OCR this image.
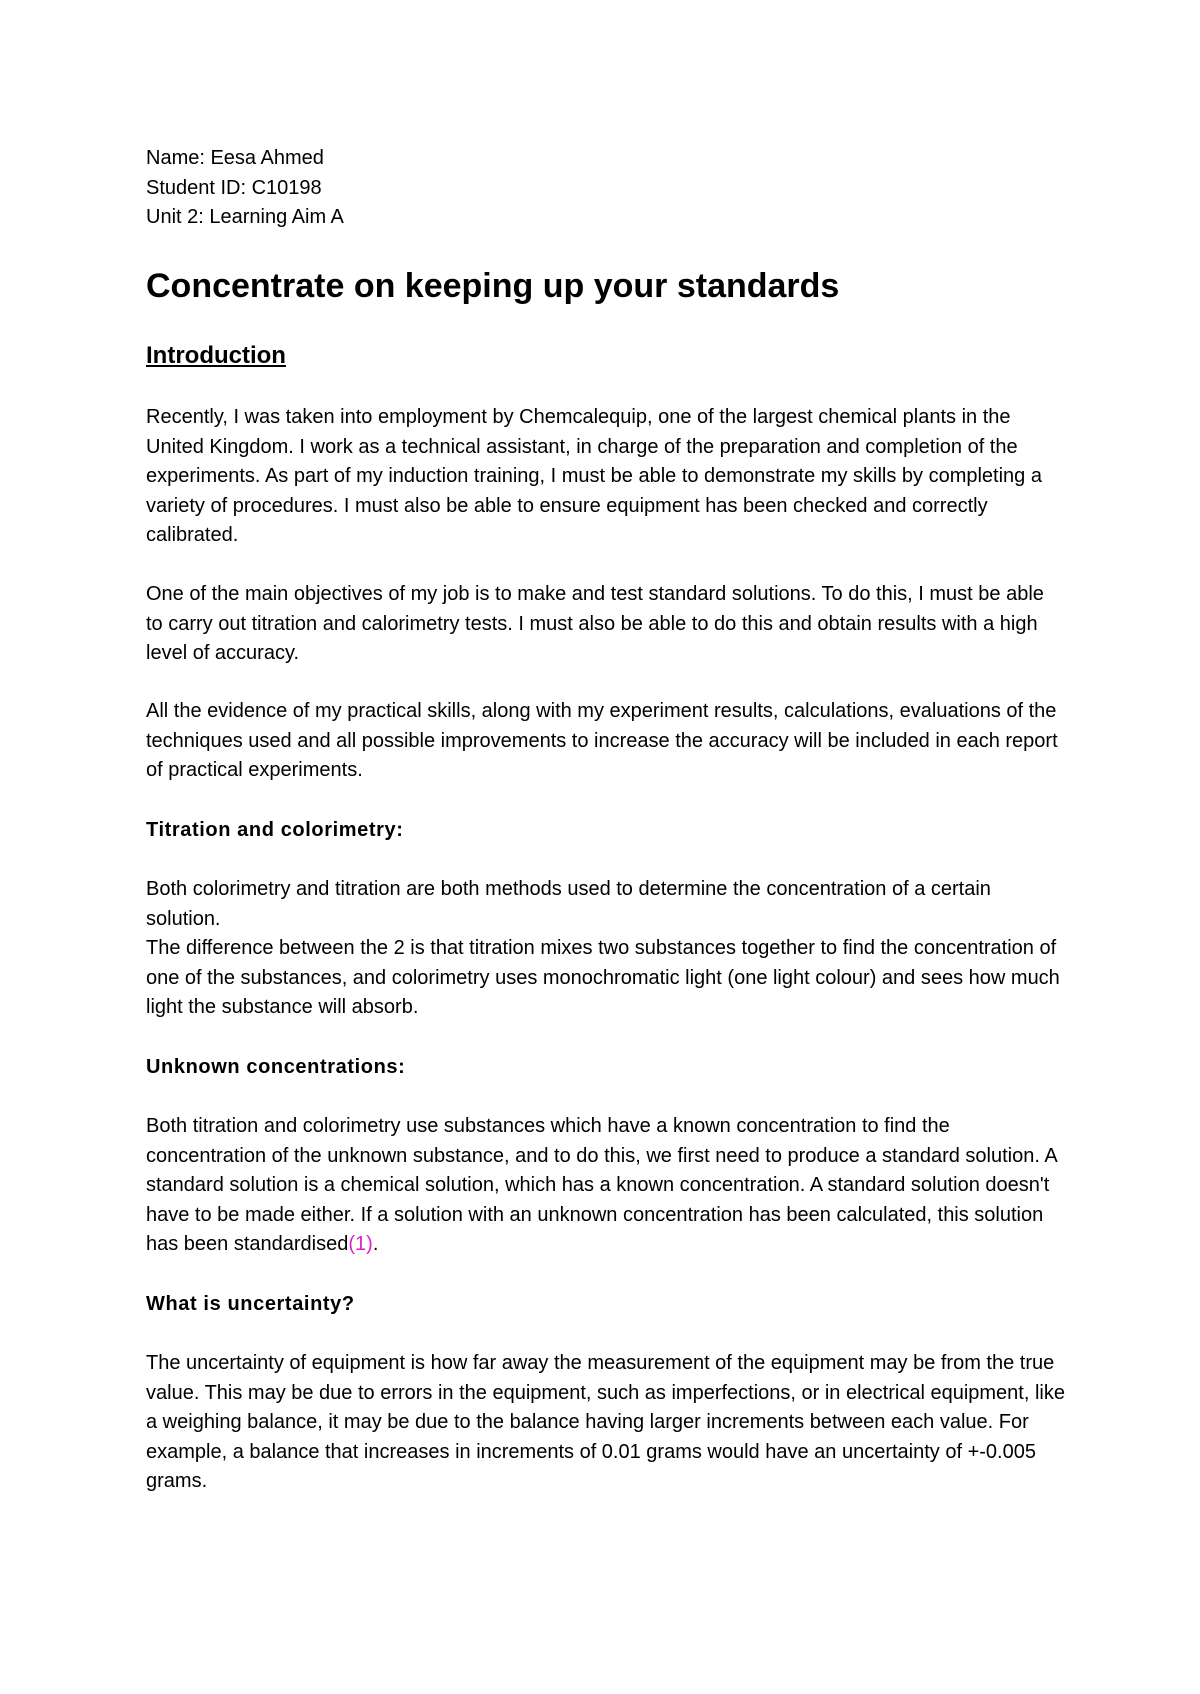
Name: Eesa Ahmed

Student ID: C10198

Unit 2: Learning Aim A

Concentrate on keeping up your standards
Introduction

Recently, I was taken into employment by Chemcalequip, one of the largest chemical plants in the United Kingdom. I work as a technical assistant, in charge of the preparation and completion of the experiments. As part of my induction training, I must be able to demonstrate my skills by completing a variety of procedures. I must also be able to ensure equipment has been checked and correctly calibrated.

One of the main objectives of my job is to make and test standard solutions. To do this, I must be able to carry out titration and calorimetry tests. I must also be able to do this and obtain results with a high level of accuracy.

All the evidence of my practical skills, along with my experiment results, calculations, evaluations of the techniques used and all possible improvements to increase the accuracy will be included in each report of practical experiments.

Titration and colorimetry:

Both colorimetry and titration are both methods used to determine the concentration of a certain solution.

The difference between the 2 is that titration mixes two substances together to find the concentration of one of the substances, and colorimetry uses monochromatic light (one light colour) and sees how much light the substance will absorb.

Unknown concentrations:

Both titration and colorimetry use substances which have a known concentration to find the concentration of the unknown substance, and to do this, we first need to produce a standard solution. A standard solution is a chemical solution, which has a known concentration. A standard solution doesn't have to be made either. If a solution with an unknown concentration has been calculated, this solution has been standardised(1).

What is uncertainty?

The uncertainty of equipment is how far away the measurement of the equipment may be from the true value. This may be due to errors in the equipment, such as imperfections, or in electrical equipment, like a weighing balance, it may be due to the balance having larger increments between each value. For example, a balance that increases in increments of 0.01 grams would have an uncertainty of +-0.005 grams.
